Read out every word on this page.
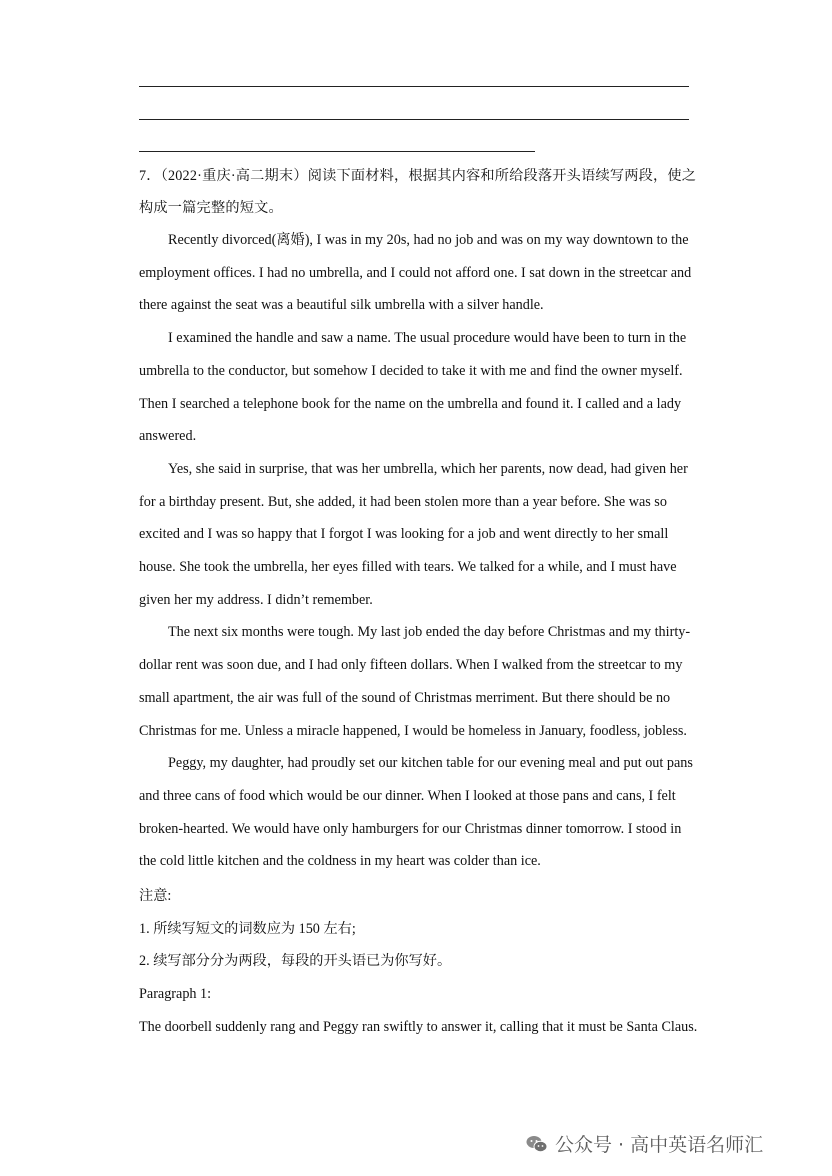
7．（2022·重庆·高二期末）阅读下面材料，根据其内容和所给段落开头语续写两段，使之构成一篇完整的短文。

Recently divorced(离婚), I was in my 20s, had no job and was on my way downtown to the employment offices. I had no umbrella, and I could not afford one. I sat down in the streetcar and there against the seat was a beautiful silk umbrella with a silver handle.

I examined the handle and saw a name. The usual procedure would have been to turn in the umbrella to the conductor, but somehow I decided to take it with me and find the owner myself. Then I searched a telephone book for the name on the umbrella and found it. I called and a lady answered.

Yes, she said in surprise, that was her umbrella, which her parents, now dead, had given her for a birthday present. But, she added, it had been stolen more than a year before. She was so excited and I was so happy that I forgot I was looking for a job and went directly to her small house. She took the umbrella, her eyes filled with tears. We talked for a while, and I must have given her my address. I didn’t remember.

The next six months were tough. My last job ended the day before Christmas and my thirty-dollar rent was soon due, and I had only fifteen dollars. When I walked from the streetcar to my small apartment, the air was full of the sound of Christmas merriment. But there should be no Christmas for me. Unless a miracle happened, I would be homeless in January, foodless, jobless.

Peggy, my daughter, had proudly set our kitchen table for our evening meal and put out pans and three cans of food which would be our dinner. When I looked at those pans and cans, I felt broken-hearted. We would have only hamburgers for our Christmas dinner tomorrow. I stood in the cold little kitchen and the coldness in my heart was colder than ice.

注意:

1. 所续写短文的词数应为 150 左右;

2. 续写部分分为两段，每段的开头语已为你写好。

Paragraph 1:

The doorbell suddenly rang and Peggy ran swiftly to answer it, calling that it must be Santa Claus.

公众号 · 高中英语名师汇
